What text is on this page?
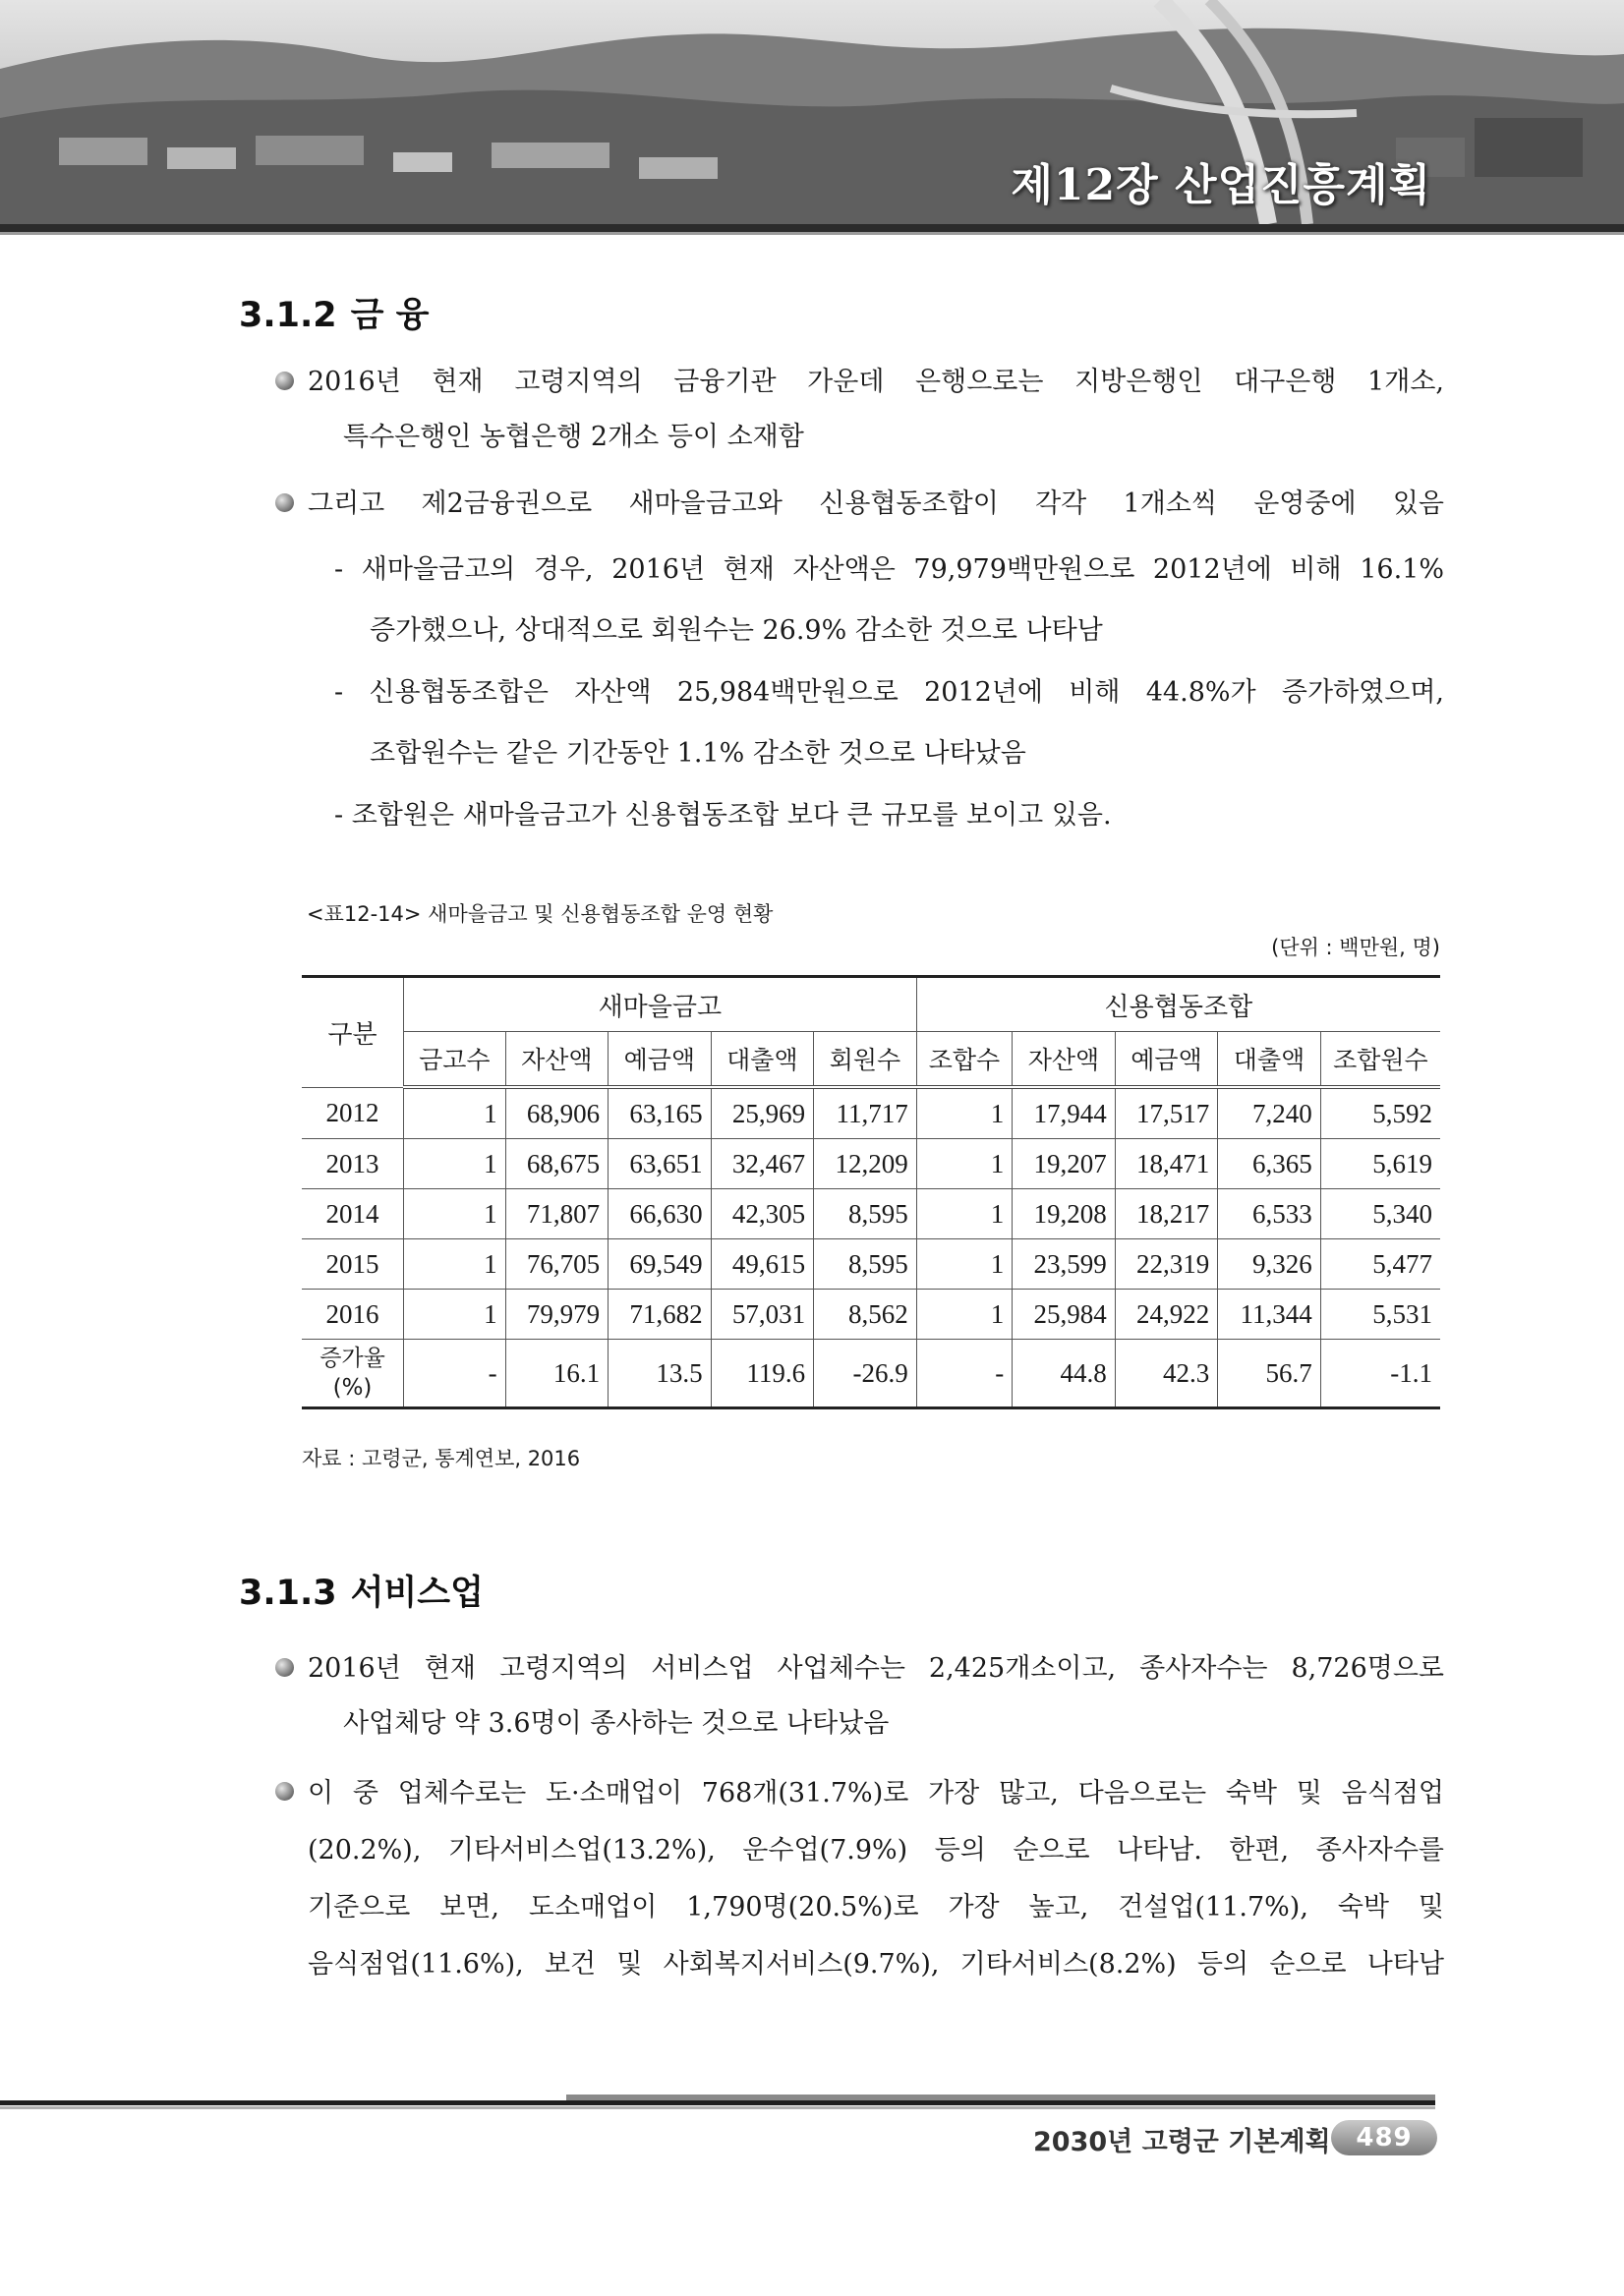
제12장 산업진흥계획
3.1.2 금 융
2016년 현재 고령지역의 금융기관 가운데 은행으로는 지방은행인 대구은행 1개소,
특수은행인 농협은행 2개소 등이 소재함
그리고 제2금융권으로 새마을금고와 신용협동조합이 각각 1개소씩 운영중에 있음
- 새마을금고의 경우, 2016년 현재 자산액은 79,979백만원으로 2012년에 비해 16.1%
증가했으나, 상대적으로 회원수는 26.9% 감소한 것으로 나타남
- 신용협동조합은 자산액 25,984백만원으로 2012년에 비해 44.8%가 증가하였으며,
조합원수는 같은 기간동안 1.1% 감소한 것으로 나타났음
- 조합원은 새마을금고가 신용협동조합 보다 큰 규모를 보이고 있음.
<표12-14> 새마을금고 및 신용협동조합 운영 현황
(단위 : 백만원, 명)
구분	새마을금고					신용협동조합				
	금고수	자산액	예금액	대출액	회원수	조합수	자산액	예금액	대출액	조합원수
2012	1	68,906	63,165	25,969	11,717	1	17,944	17,517	7,240	5,592
2013	1	68,675	63,651	32,467	12,209	1	19,207	18,471	6,365	5,619
2014	1	71,807	66,630	42,305	8,595	1	19,208	18,217	6,533	5,340
2015	1	76,705	69,549	49,615	8,595	1	23,599	22,319	9,326	5,477
2016	1	79,979	71,682	57,031	8,562	1	25,984	24,922	11,344	5,531

증가율
(%)	-	16.1	13.5	119.6	-26.9	-	44.8	42.3	56.7	-1.1
자료 : 고령군, 통계연보, 2016
3.1.3 서비스업
2016년 현재 고령지역의 서비스업 사업체수는 2,425개소이고, 종사자수는 8,726명으로
사업체당 약 3.6명이 종사하는 것으로 나타났음
이 중 업체수로는 도·소매업이 768개(31.7%)로 가장 많고, 다음으로는 숙박 및 음식점업
(20.2%), 기타서비스업(13.2%), 운수업(7.9%) 등의 순으로 나타남. 한편, 종사자수를
기준으로 보면, 도소매업이 1,790명(20.5%)로 가장 높고, 건설업(11.7%), 숙박 및
음식점업(11.6%), 보건 및 사회복지서비스(9.7%), 기타서비스(8.2%) 등의 순으로 나타남
2030년 고령군 기본계획 489
